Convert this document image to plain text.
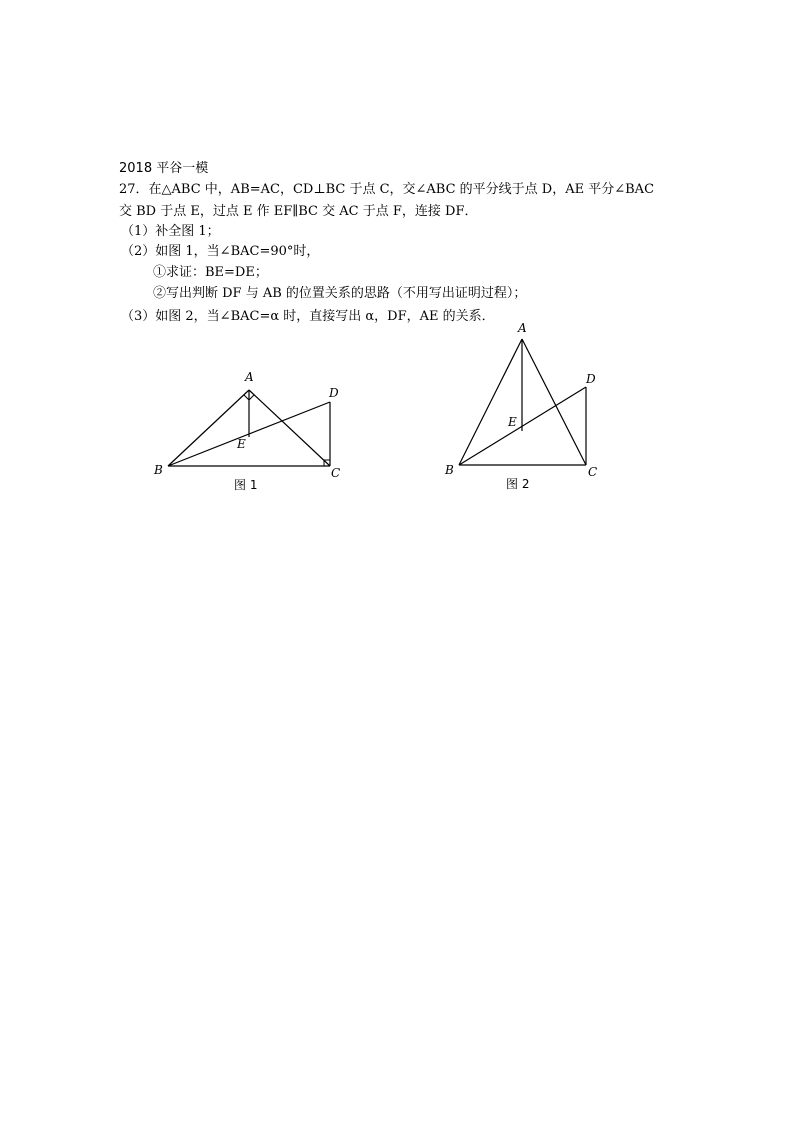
2018 平谷一模
27．在△ABC 中，AB=AC，CD⊥BC 于点 C，交∠ABC 的平分线于点 D，AE 平分∠BAC
交 BD 于点 E，过点 E 作 EF∥BC 交 AC 于点 F，连接 DF．
（1）补全图 1；
（2）如图 1，当∠BAC=90°时，
①求证：BE=DE；
②写出判断 DF 与 AB 的位置关系的思路（不用写出证明过程）；
（3）如图 2，当∠BAC=α 时，直接写出 α，DF，AE 的关系．
A
B	C
D
E
图 1
A
B	C
D
E
图 2
